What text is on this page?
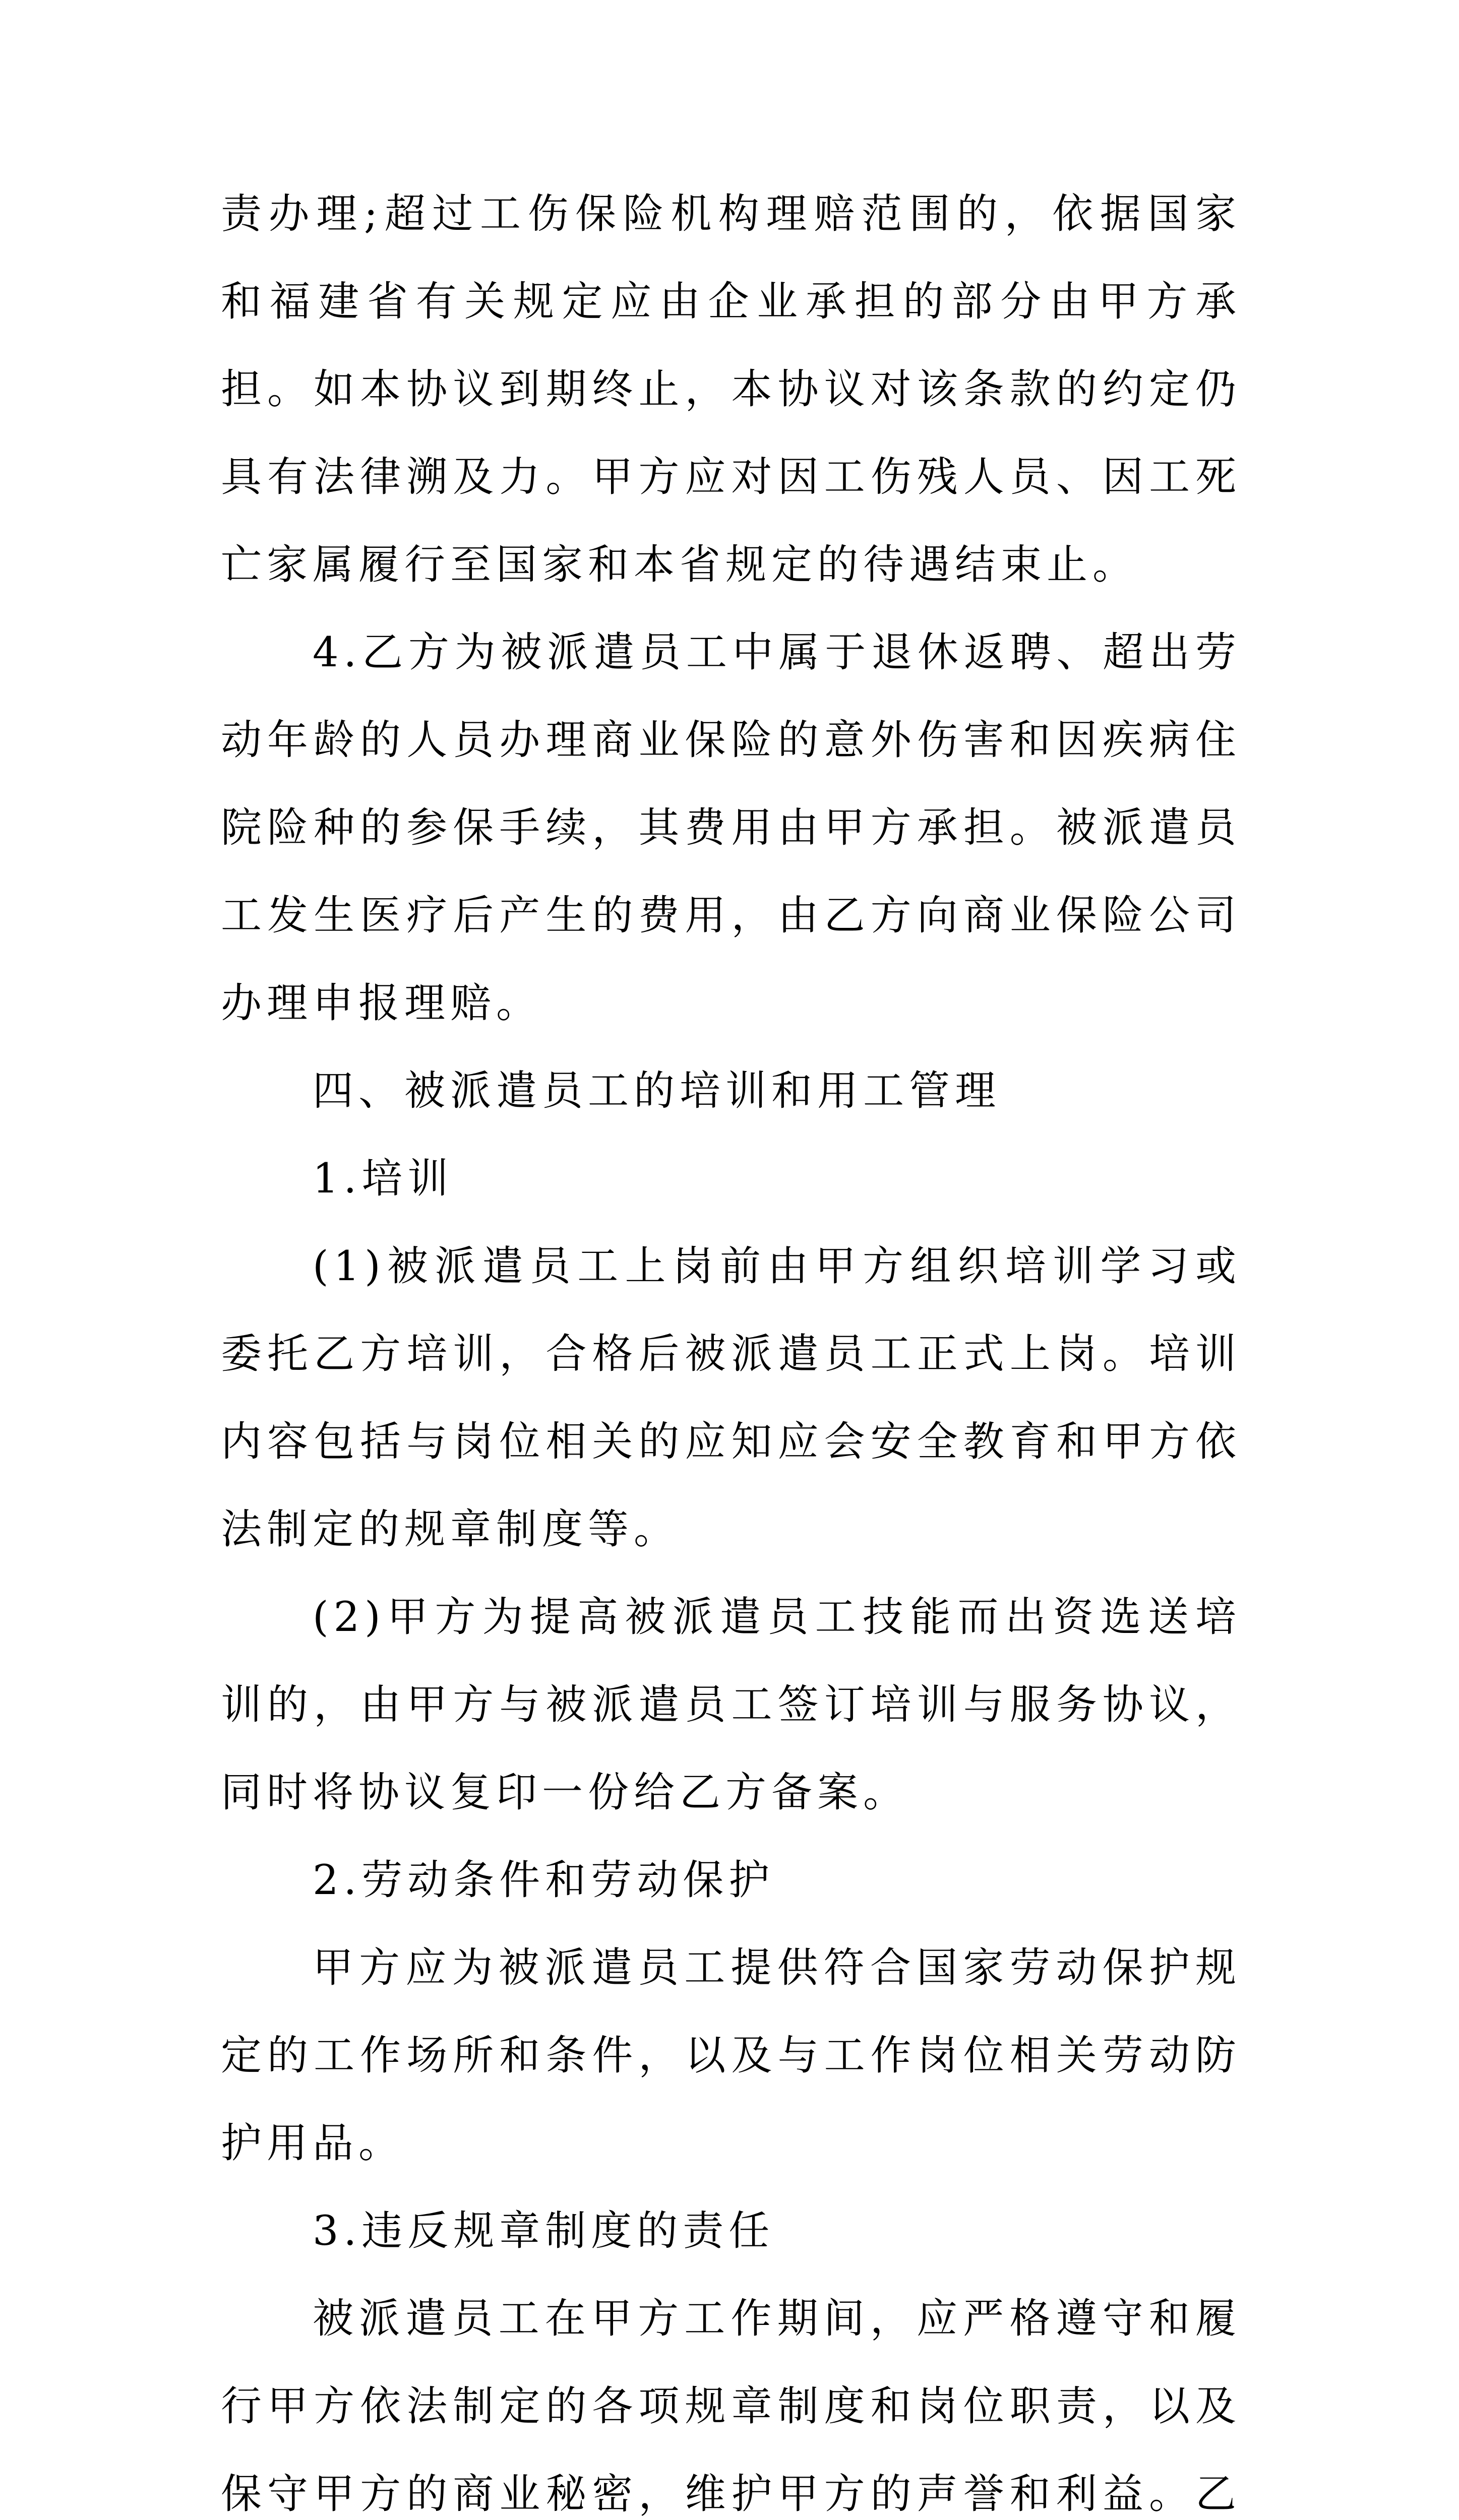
责办理;超过工伤保险机构理赔范围的，依据国家和福建省有关规定应由企业承担的部分由甲方承担。如本协议到期终止，本协议对该条款的约定仍具有法律溯及力。甲方应对因工伤残人员、因工死亡家属履行至国家和本省规定的待遇结束止。

4.乙方为被派遣员工中属于退休返聘、超出劳动年龄的人员办理商业保险的意外伤害和因疾病住院险种的参保手续，其费用由甲方承担。被派遣员工发生医疗后产生的费用，由乙方向商业保险公司办理申报理赔。

四、被派遣员工的培训和用工管理

1.培训

(1)被派遣员工上岗前由甲方组织培训学习或委托乙方培训，合格后被派遣员工正式上岗。培训内容包括与岗位相关的应知应会安全教育和甲方依法制定的规章制度等。

(2)甲方为提高被派遣员工技能而出资选送培训的，由甲方与被派遣员工签订培训与服务协议，同时将协议复印一份给乙方备案。

2.劳动条件和劳动保护

甲方应为被派遣员工提供符合国家劳动保护规定的工作场所和条件，以及与工作岗位相关劳动防护用品。

3.违反规章制度的责任

被派遣员工在甲方工作期间，应严格遵守和履行甲方依法制定的各项规章制度和岗位职责，以及保守甲方的商业秘密，维护甲方的声誉和利益。乙
